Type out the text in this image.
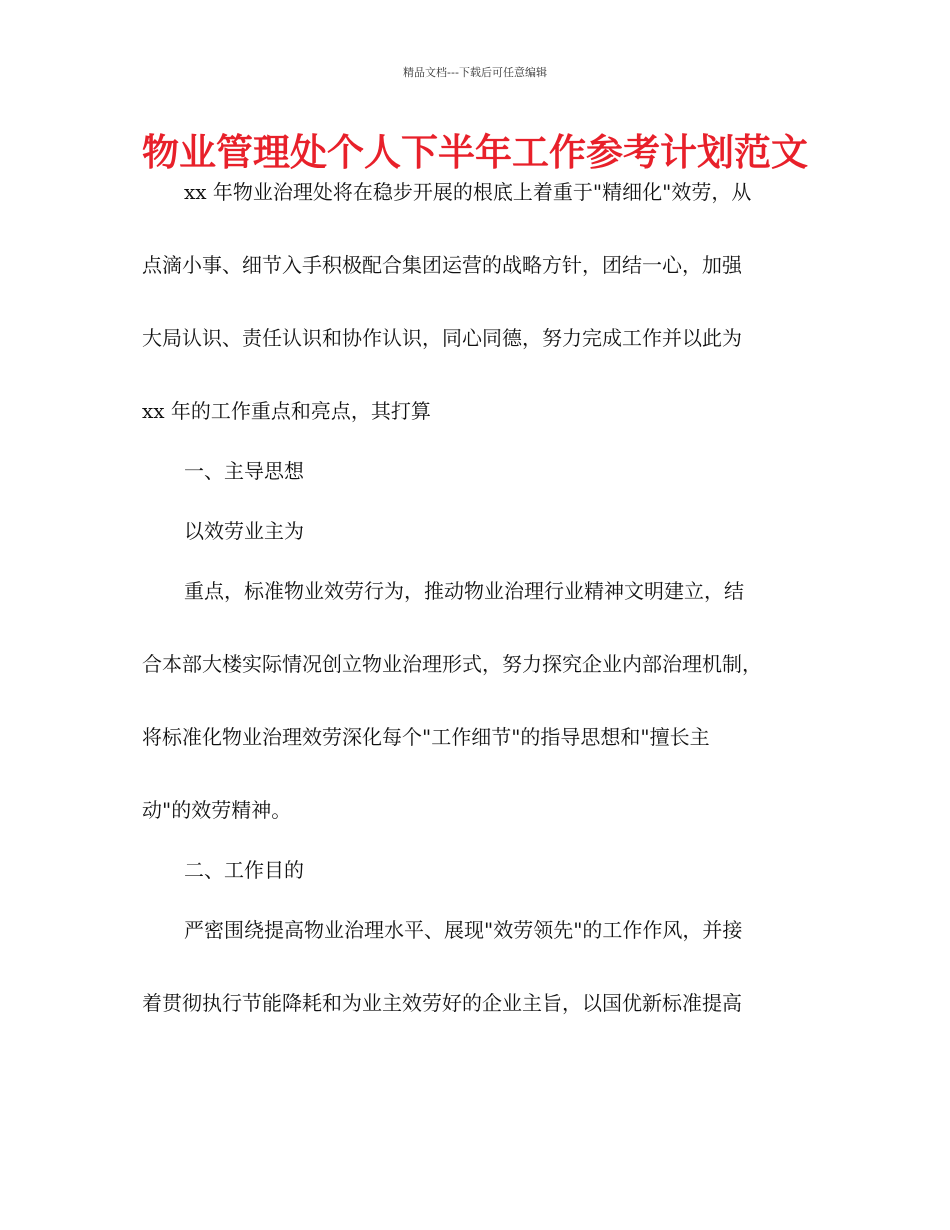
精品文档---下载后可任意编辑
物业管理处个人下半年工作参考计划范文
xx 年物业治理处将在稳步开展的根底上着重于"精细化"效劳，从
点滴小事、细节入手积极配合集团运营的战略方针，团结一心，加强
大局认识、责任认识和协作认识，同心同德，努力完成工作并以此为
xx 年的工作重点和亮点，其打算
一、主导思想
以效劳业主为
重点，标准物业效劳行为，推动物业治理行业精神文明建立，结
合本部大楼实际情况创立物业治理形式，努力探究企业内部治理机制，
将标准化物业治理效劳深化每个"工作细节"的指导思想和"擅长主
动"的效劳精神。
二、工作目的
严密围绕提高物业治理水平、展现"效劳领先"的工作作风，并接
着贯彻执行节能降耗和为业主效劳好的企业主旨，以国优新标准提高
